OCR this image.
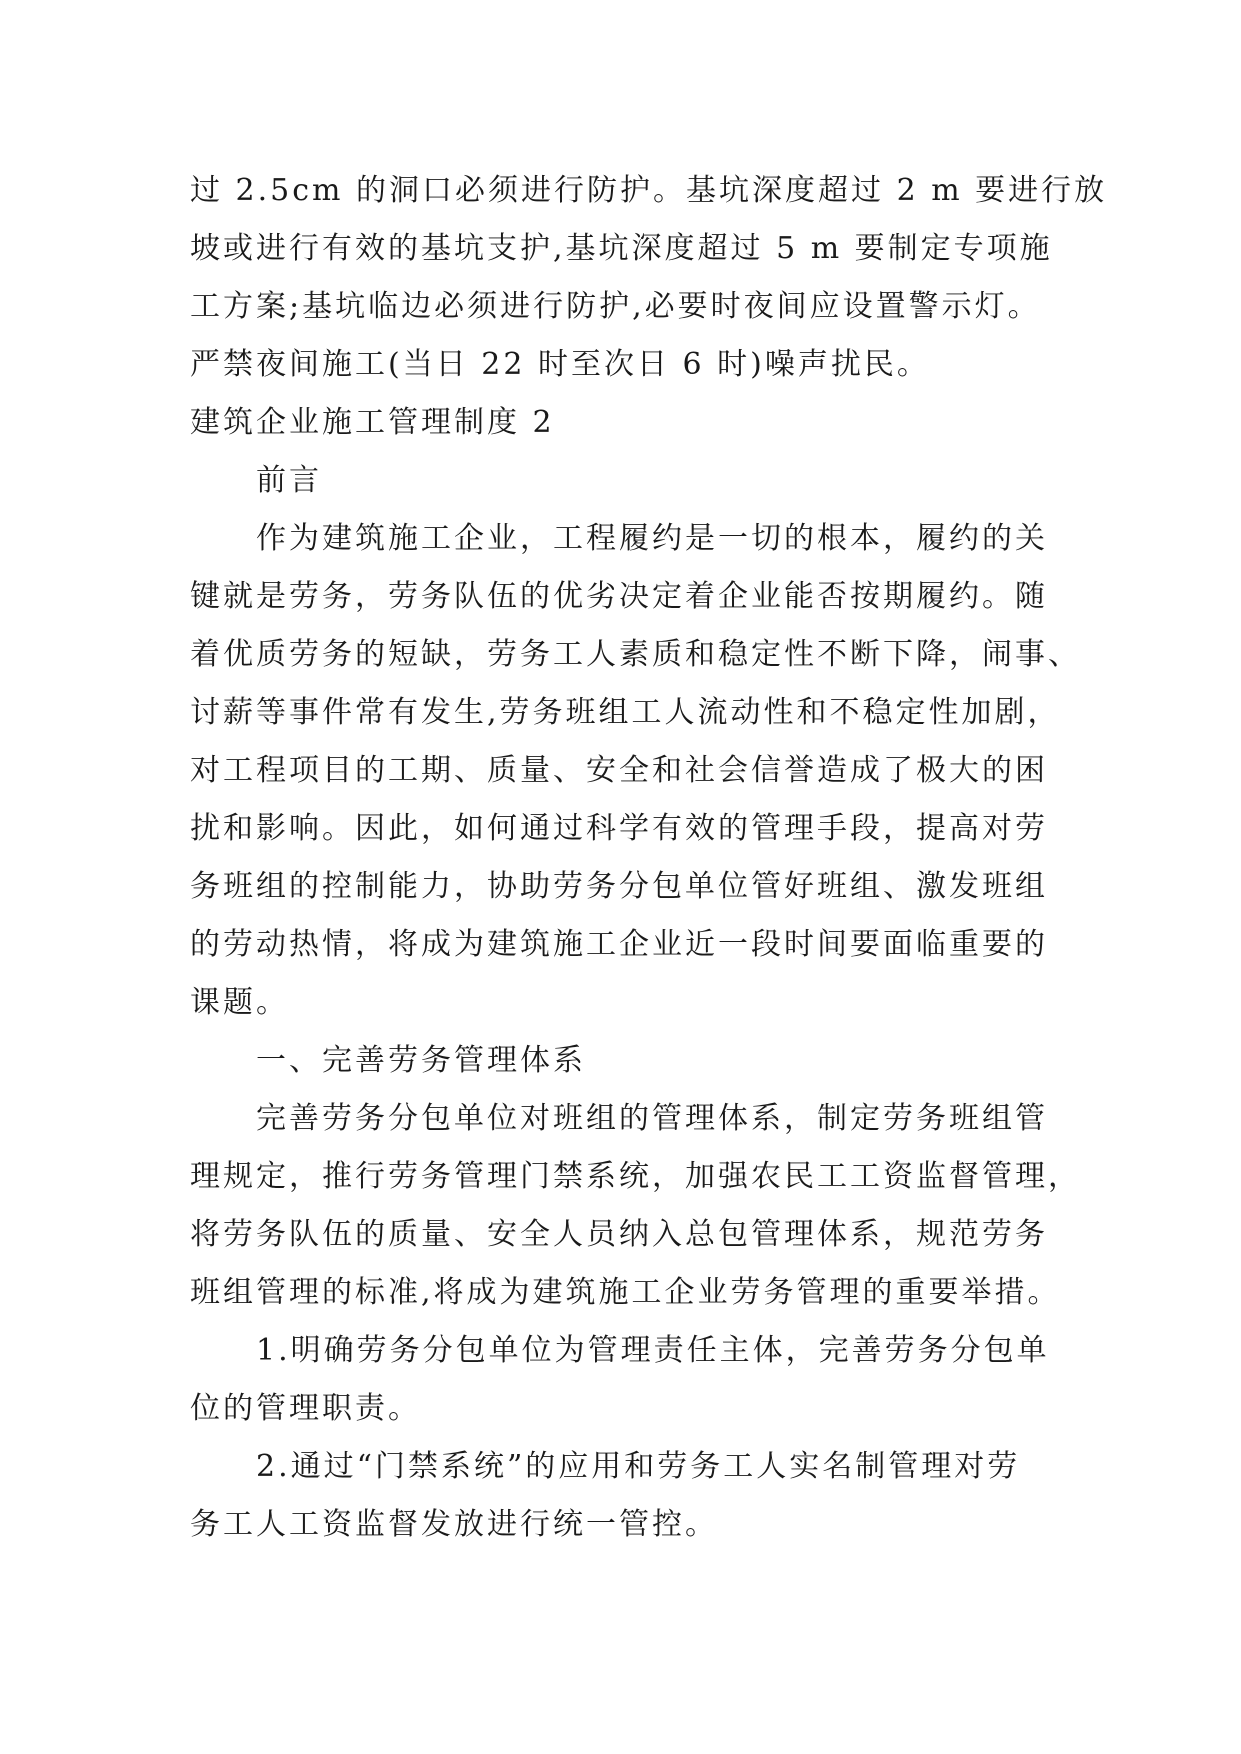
过 2.5cm 的洞口必须进行防护。基坑深度超过 2 m 要进行放
坡或进行有效的基坑支护,基坑深度超过 5 m 要制定专项施
工方案;基坑临边必须进行防护,必要时夜间应设置警示灯。
严禁夜间施工(当日 22 时至次日 6 时)噪声扰民。
建筑企业施工管理制度 2
前言
作为建筑施工企业，工程履约是一切的根本，履约的关
键就是劳务，劳务队伍的优劣决定着企业能否按期履约。随
着优质劳务的短缺，劳务工人素质和稳定性不断下降，闹事、
讨薪等事件常有发生,劳务班组工人流动性和不稳定性加剧，
对工程项目的工期、质量、安全和社会信誉造成了极大的困
扰和影响。因此，如何通过科学有效的管理手段，提高对劳
务班组的控制能力，协助劳务分包单位管好班组、激发班组
的劳动热情，将成为建筑施工企业近一段时间要面临重要的
课题。
一、完善劳务管理体系
完善劳务分包单位对班组的管理体系，制定劳务班组管
理规定，推行劳务管理门禁系统，加强农民工工资监督管理，
将劳务队伍的质量、安全人员纳入总包管理体系，规范劳务
班组管理的标准,将成为建筑施工企业劳务管理的重要举措。
1.明确劳务分包单位为管理责任主体，完善劳务分包单
位的管理职责。
2.通过“门禁系统”的应用和劳务工人实名制管理对劳
务工人工资监督发放进行统一管控。
